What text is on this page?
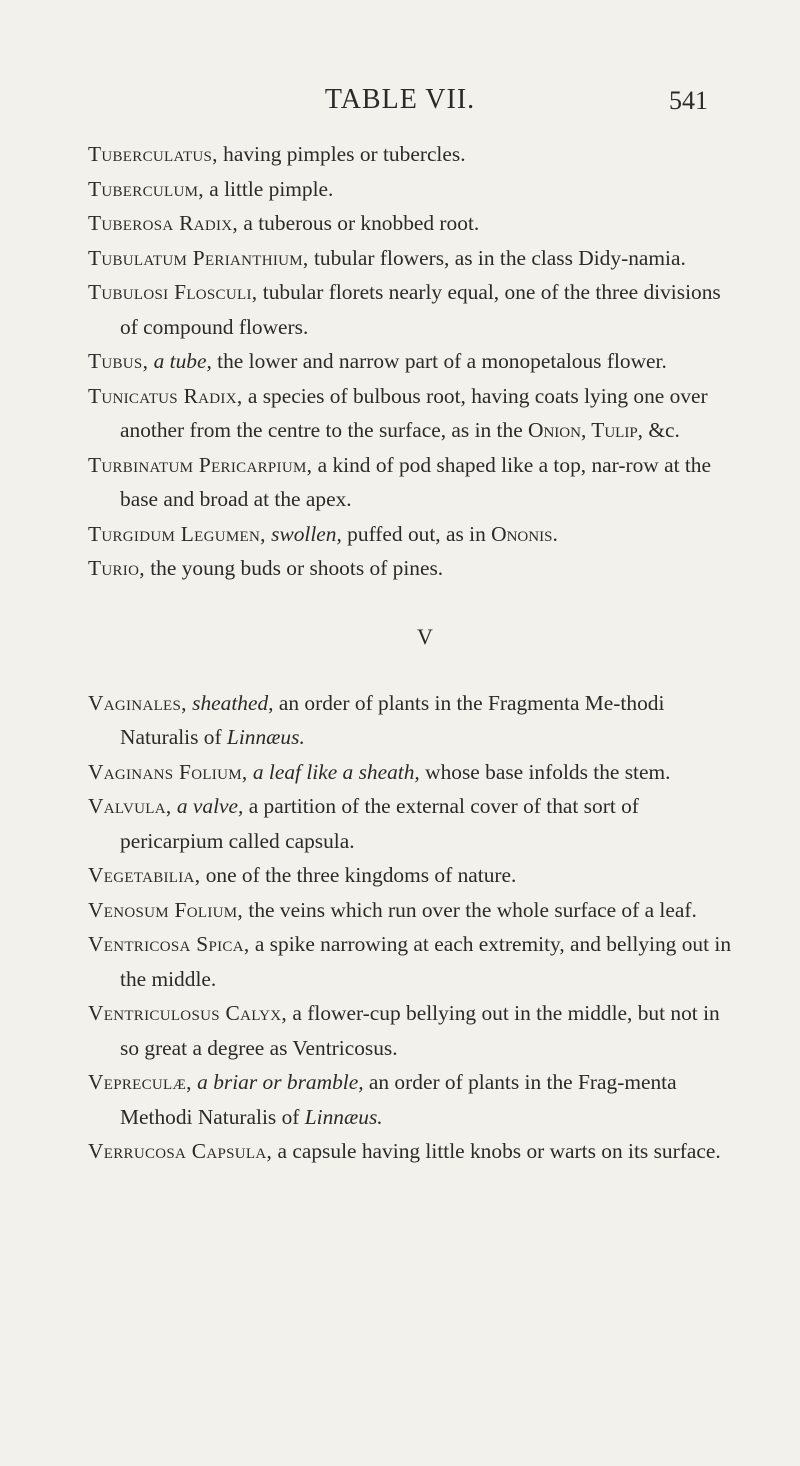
TABLE VII.	541
Tuberculatus, having pimples or tubercles.
Tuberculum, a little pimple.
Tuberosa Radix, a tuberous or knobbed root.
Tubulatum Perianthium, tubular flowers, as in the class Didy-namia.
Tubulosi Flosculi, tubular florets nearly equal, one of the three divisions of compound flowers.
Tubus, a tube, the lower and narrow part of a monopetalous flower.
Tunicatus Radix, a species of bulbous root, having coats lying one over another from the centre to the surface, as in the Onion, Tulip, &c.
Turbinatum Pericarpium, a kind of pod shaped like a top, nar-row at the base and broad at the apex.
Turgidum Legumen, swollen, puffed out, as in Ononis.
Turio, the young buds or shoots of pines.
V
Vaginales, sheathed, an order of plants in the Fragmenta Me-thodi Naturalis of Linnæus.
Vaginans Folium, a leaf like a sheath, whose base infolds the stem.
Valvula, a valve, a partition of the external cover of that sort of pericarpium called capsula.
Vegetabilia, one of the three kingdoms of nature.
Venosum Folium, the veins which run over the whole surface of a leaf.
Ventricosa Spica, a spike narrowing at each extremity, and bellying out in the middle.
Ventriculosus Calyx, a flower-cup bellying out in the middle, but not in so great a degree as Ventricosus.
Vepreculæ, a briar or bramble, an order of plants in the Frag-menta Methodi Naturalis of Linnæus.
Verrucosa Capsula, a capsule having little knobs or warts on its surface.
